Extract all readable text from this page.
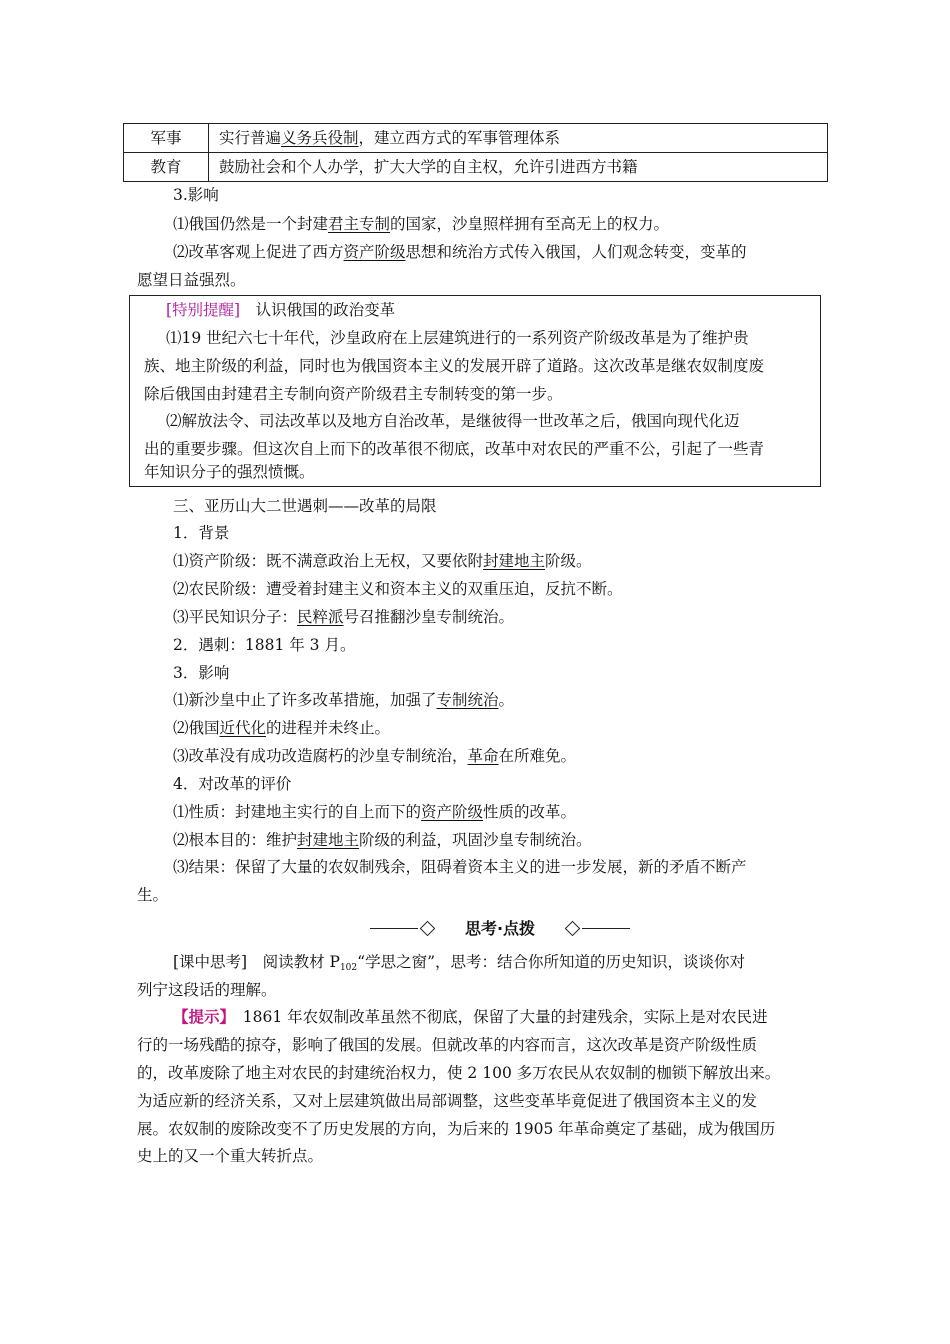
军事	实行普遍义务兵役制，建立西方式的军事管理体系
教育	鼓励社会和个人办学，扩大大学的自主权，允许引进西方书籍
3.影响
⑴俄国仍然是一个封建君主专制的国家，沙皇照样拥有至高无上的权力。
⑵改革客观上促进了西方资产阶级思想和统治方式传入俄国，人们观念转变，变革的
愿望日益强烈。
[特别提醒]　 认识俄国的政治变革
⑴19 世纪六七十年代，沙皇政府在上层建筑进行的一系列资产阶级改革是为了维护贵
族、地主阶级的利益，同时也为俄国资本主义的发展开辟了道路。这次改革是继农奴制度废
除后俄国由封建君主专制向资产阶级君主专制转变的第一步。
⑵解放法令、司法改革以及地方自治改革，是继彼得一世改革之后，俄国向现代化迈
出的重要步骤。但这次自上而下的改革很不彻底，改革中对农民的严重不公，引起了一些青
年知识分子的强烈愤慨。
三、亚历山大二世遇刺——改革的局限
1．背景
⑴资产阶级：既不满意政治上无权，又要依附封建地主阶级。
⑵农民阶级：遭受着封建主义和资本主义的双重压迫，反抗不断。
⑶平民知识分子：民粹派号召推翻沙皇专制统治。
2．遇刺：1881 年 3 月。
3．影响
⑴新沙皇中止了许多改革措施，加强了专制统治。
⑵俄国近代化的进程并未终止。
⑶改革没有成功改造腐朽的沙皇专制统治，革命在所难免。
4．对改革的评价
⑴性质：封建地主实行的自上而下的资产阶级性质的改革。
⑵根本目的：维护封建地主阶级的利益，巩固沙皇专制统治。
⑶结果：保留了大量的农奴制残余，阻碍着资本主义的进一步发展，新的矛盾不断产
生。
思考·点拨
[课中思考]　阅读教材 $P_{102}“$学思之窗”，思考：结合你所知道的历史知识，谈谈你对
列宁这段话的理解。
【提示】　 1861 年农奴制改革虽然不彻底，保留了大量的封建残余，实际上是对农民进
行的一场残酷的掠夺，影响了俄国的发展。但就改革的内容而言，这次改革是资产阶级性质
的，改革废除了地主对农民的封建统治权力，使 2 100 多万农民从农奴制的枷锁下解放出来。
为适应新的经济关系，又对上层建筑做出局部调整，这些变革毕竟促进了俄国资本主义的发
展。农奴制的废除改变不了历史发展的方向，为后来的 1905 年革命奠定了基础，成为俄国历
史上的又一个重大转折点。
